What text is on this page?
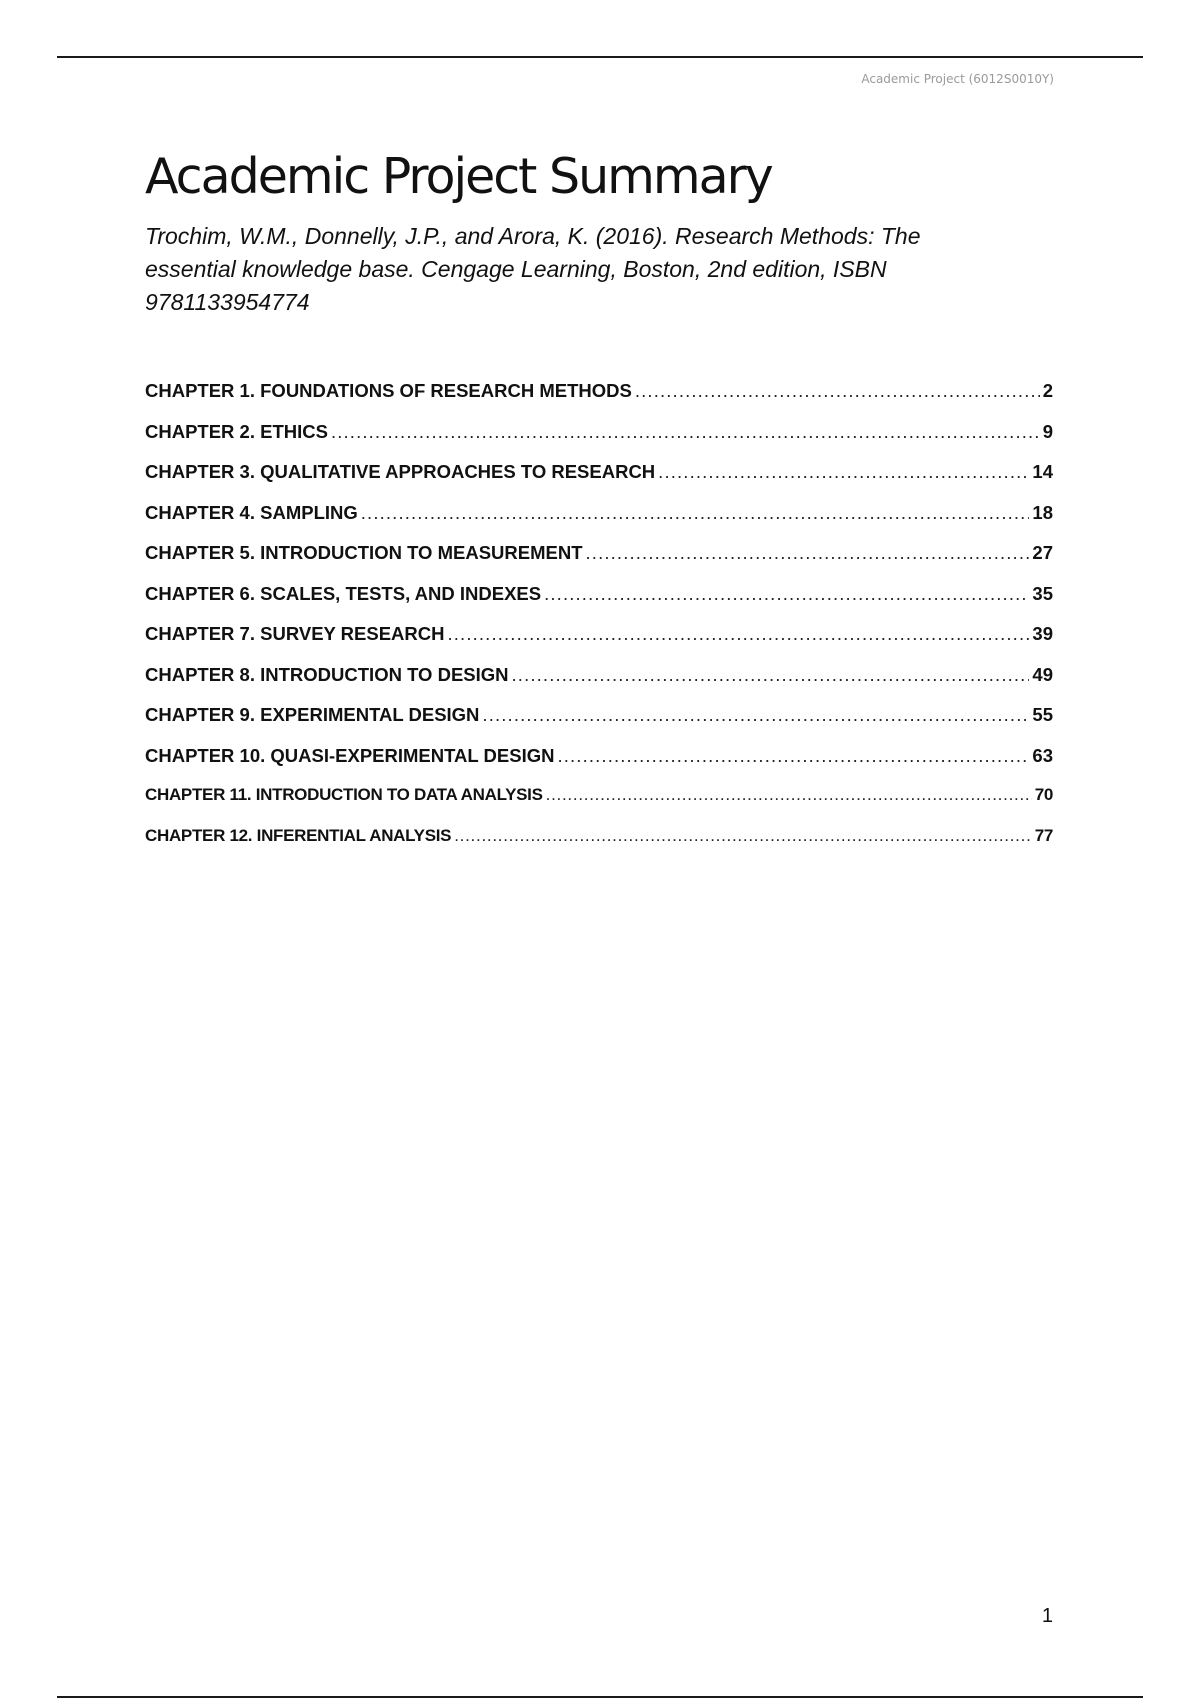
Academic Project (6012S0010Y)
Academic Project Summary

Trochim, W.M., Donnelly, J.P., and Arora, K. (2016). Research Methods: The essential knowledge base. Cengage Learning, Boston, 2nd edition, ISBN 9781133954774

CHAPTER 1. FOUNDATIONS OF RESEARCH METHODS . . .	2
CHAPTER 2. ETHICS . . .	9
CHAPTER 3. QUALITATIVE APPROACHES TO RESEARCH . . .	14
CHAPTER 4. SAMPLING . . .	18
CHAPTER 5. INTRODUCTION TO MEASUREMENT . . .	27
CHAPTER 6. SCALES, TESTS, AND INDEXES . . .	35
CHAPTER 7. SURVEY RESEARCH . . .	39
CHAPTER 8. INTRODUCTION TO DESIGN . . .	49
CHAPTER 9. EXPERIMENTAL DESIGN . . .	55
CHAPTER 10. QUASI-EXPERIMENTAL DESIGN . . .	63
CHAPTER 11. INTRODUCTION TO DATA ANALYSIS . . .	70
CHAPTER 12. INFERENTIAL ANALYSIS . . .	77
1
